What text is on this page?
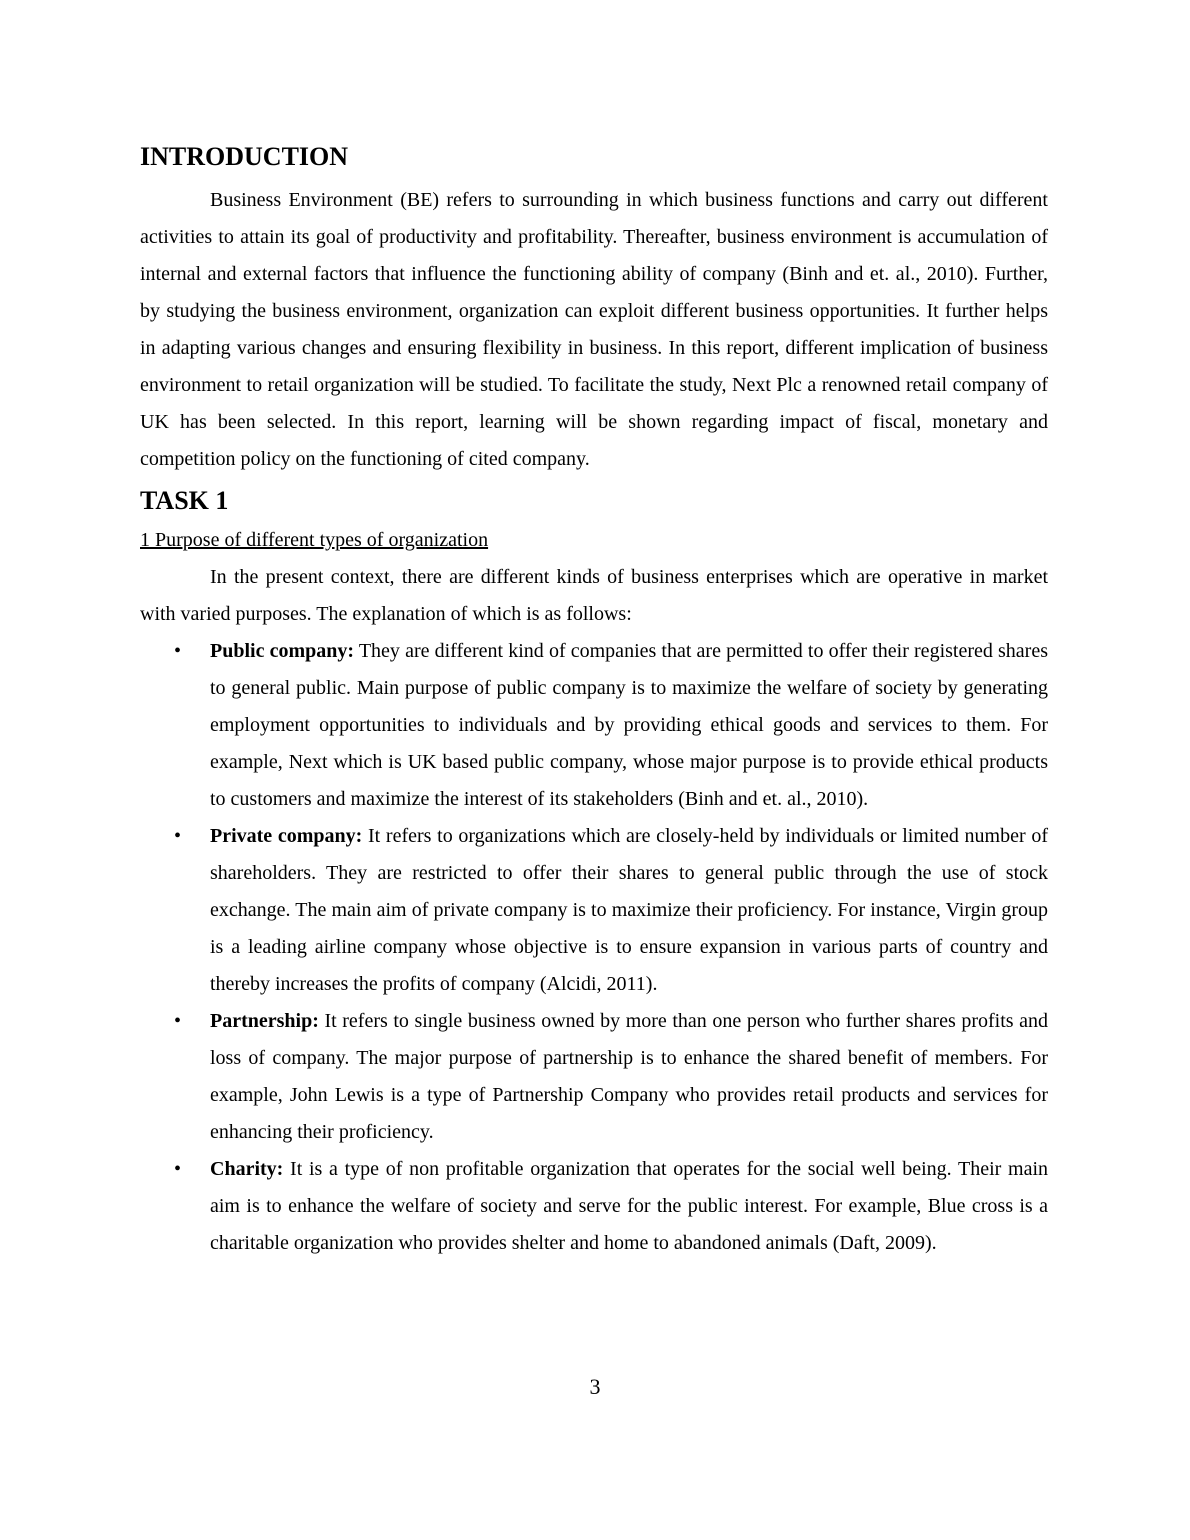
INTRODUCTION

Business Environment (BE) refers to surrounding in which business functions and carry out different activities to attain its goal of productivity and profitability. Thereafter, business environment is accumulation of internal and external factors that influence the functioning ability of company (Binh and et. al., 2010). Further, by studying the business environment, organization can exploit different business opportunities. It further helps in adapting various changes and ensuring flexibility in business. In this report, different implication of business environment to retail organization will be studied. To facilitate the study, Next Plc a renowned retail company of UK has been selected. In this report, learning will be shown regarding impact of fiscal, monetary and competition policy on the functioning of cited company.

TASK 1
1 Purpose of different types of organization

In the present context, there are different kinds of business enterprises which are operative in market with varied purposes. The explanation of which is as follows:

• Public company: They are different kind of companies that are permitted to offer their registered shares to general public. Main purpose of public company is to maximize the welfare of society by generating employment opportunities to individuals and by providing ethical goods and services to them. For example, Next which is UK based public company, whose major purpose is to provide ethical products to customers and maximize the interest of its stakeholders (Binh and et. al., 2010).
• Private company: It refers to organizations which are closely-held by individuals or limited number of shareholders. They are restricted to offer their shares to general public through the use of stock exchange. The main aim of private company is to maximize their proficiency. For instance, Virgin group is a leading airline company whose objective is to ensure expansion in various parts of country and thereby increases the profits of company (Alcidi, 2011).
• Partnership: It refers to single business owned by more than one person who further shares profits and loss of company. The major purpose of partnership is to enhance the shared benefit of members. For example, John Lewis is a type of Partnership Company who provides retail products and services for enhancing their proficiency.
• Charity: It is a type of non profitable organization that operates for the social well being. Their main aim is to enhance the welfare of society and serve for the public interest. For example, Blue cross is a charitable organization who provides shelter and home to abandoned animals (Daft, 2009).
3
